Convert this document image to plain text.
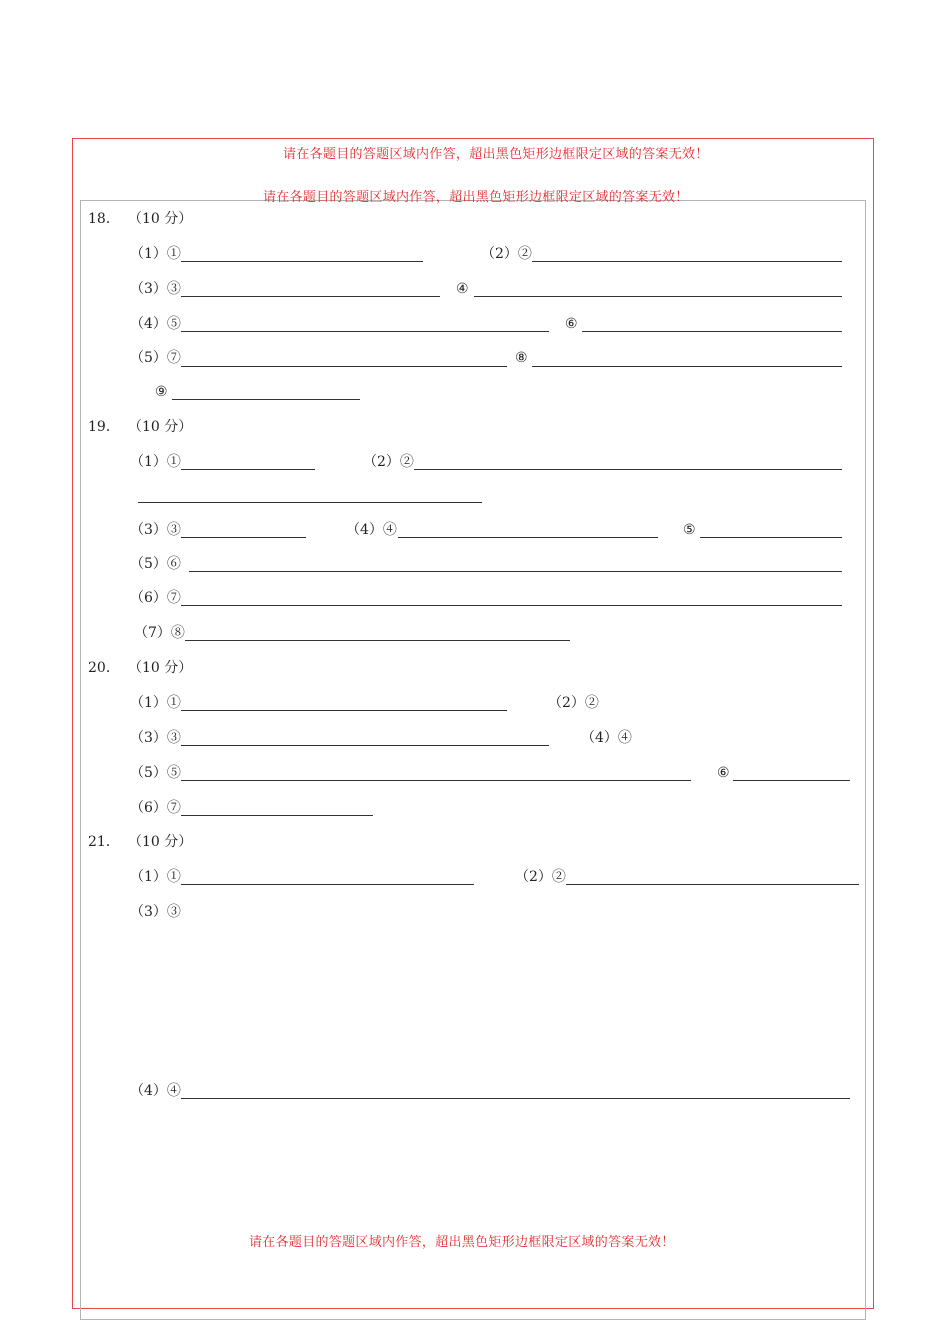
请在各题目的答题区域内作答，超出黑色矩形边框限定区域的答案无效！
请在各题目的答题区域内作答，超出黑色矩形边框限定区域的答案无效！
18． （10 分）
（1）①	（2）②
（3）③	④
（4）⑤	⑥
（5）⑦	⑧
⑨
19． （10 分）
（1）①	（2）②
（3）③	（4）④	⑤
（5）⑥
（6）⑦
（7）⑧
20． （10 分）
（1）①	（2）②
（3）③	（4）④
（5）⑤	⑥
（6）⑦
21． （10 分）
（1）①	（2）②
（3）③
（4）④
请在各题目的答题区域内作答，超出黑色矩形边框限定区域的答案无效！
